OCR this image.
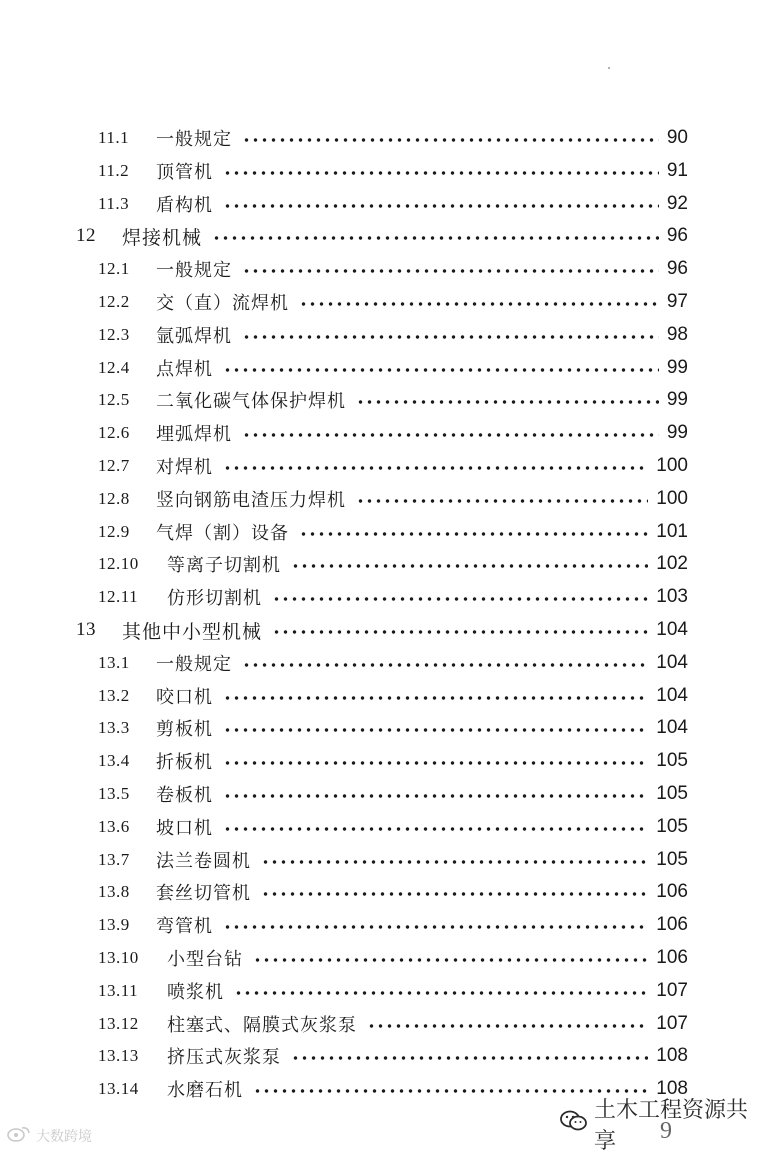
11.1 一般规定	90
11.2 顶管机	91
11.3 盾构机	92
12 焊接机械	96
12.1 一般规定	96
12.2 交（直）流焊机	97
12.3 氩弧焊机	98
12.4 点焊机	99
12.5 二氧化碳气体保护焊机	99
12.6 埋弧焊机	99
12.7 对焊机	100
12.8 竖向钢筋电渣压力焊机	100
12.9 气焊（割）设备	101
12.10 等离子切割机	102
12.11 仿形切割机	103
13 其他中小型机械	104
13.1 一般规定	104
13.2 咬口机	104
13.3 剪板机	104
13.4 折板机	105
13.5 卷板机	105
13.6 坡口机	105
13.7 法兰卷圆机	105
13.8 套丝切管机	106
13.9 弯管机	106
13.10 小型台钻	106
13.11 喷浆机	107
13.12 柱塞式、隔膜式灰浆泵	107
13.13 挤压式灰浆泵	108
13.14 水磨石机	108
9
土木工程资源共享
大数跨境
